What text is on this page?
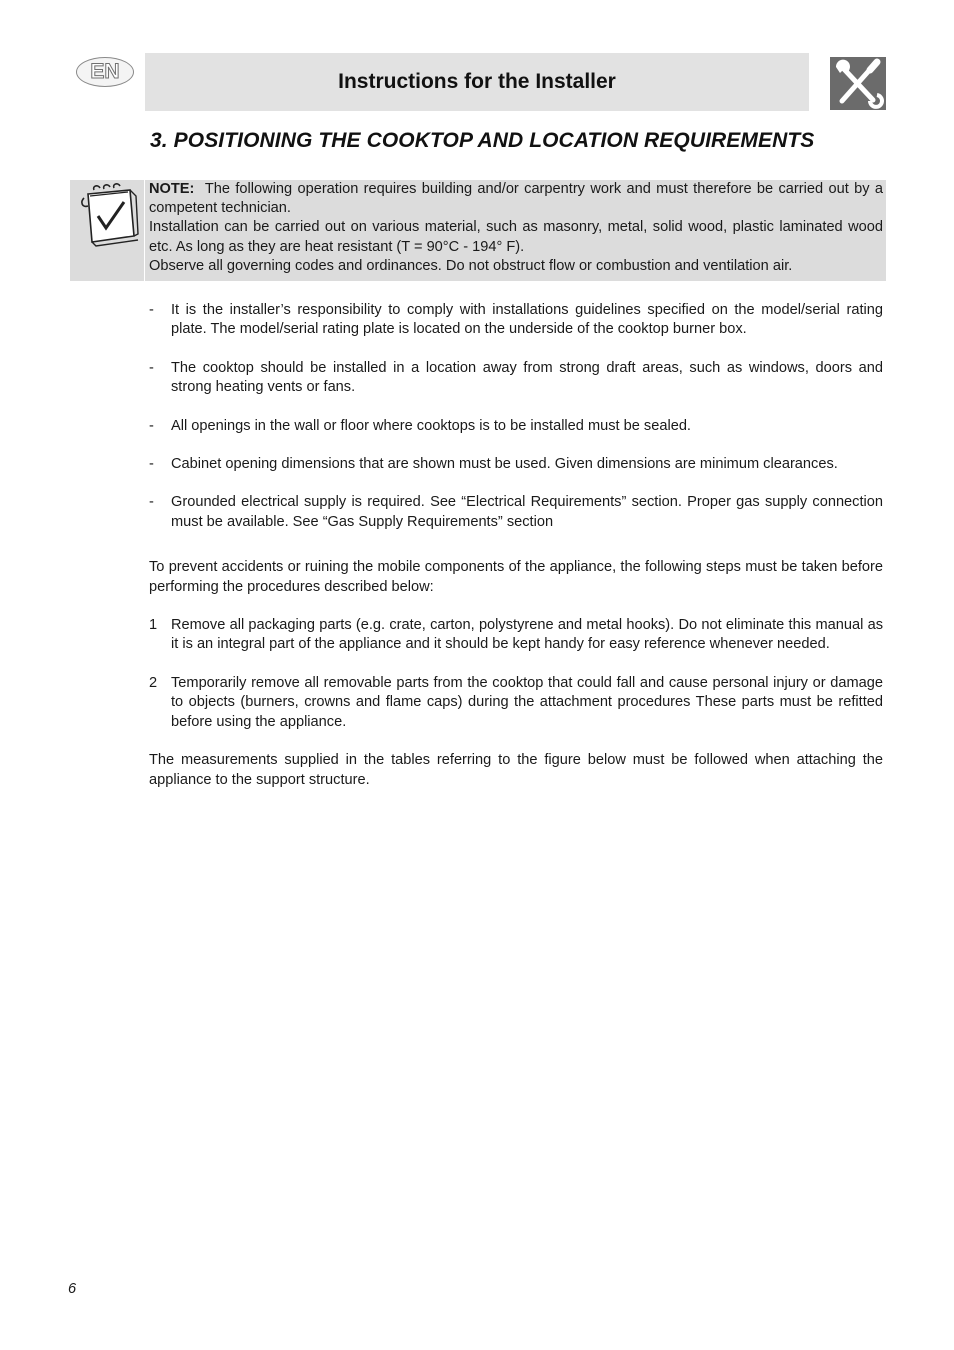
EN	Instructions for the Installer
3. POSITIONING THE COOKTOP AND LOCATION REQUIREMENTS

NOTE: The following operation requires building and/or carpentry work and must therefore be carried out by a competent technician.

Installation can be carried out on various material, such as masonry, metal, solid wood, plastic laminated wood etc. As long as they are heat resistant (T = 90°C - 194° F).

Observe all governing codes and ordinances. Do not obstruct flow or combustion and ventilation air.

- It is the installer’s responsibility to comply with installations guidelines specified on the model/serial rating plate. The model/serial rating plate is located on the underside of the cooktop burner box.
- The cooktop should be installed in a location away from strong draft areas, such as windows, doors and strong heating vents or fans.
- All openings in the wall or floor where cooktops is to be installed must be sealed.
- Cabinet opening dimensions that are shown must be used. Given dimensions are minimum clearances.
- Grounded electrical supply is required. See “Electrical Requirements” section. Proper gas supply connection must be available. See “Gas Supply Requirements” section

To prevent accidents or ruining the mobile components of the appliance, the following steps must be taken before performing the procedures described below:

1 Remove all packaging parts (e.g. crate, carton, polystyrene and metal hooks). Do not eliminate this manual as it is an integral part of the appliance and it should be kept handy for easy reference whenever needed.
2 Temporarily remove all removable parts from the cooktop that could fall and cause personal injury or damage to objects (burners, crowns and flame caps) during the attachment procedures These parts must be refitted before using the appliance.

The measurements supplied in the tables referring to the figure below must be followed when attaching the appliance to the support structure.

6
